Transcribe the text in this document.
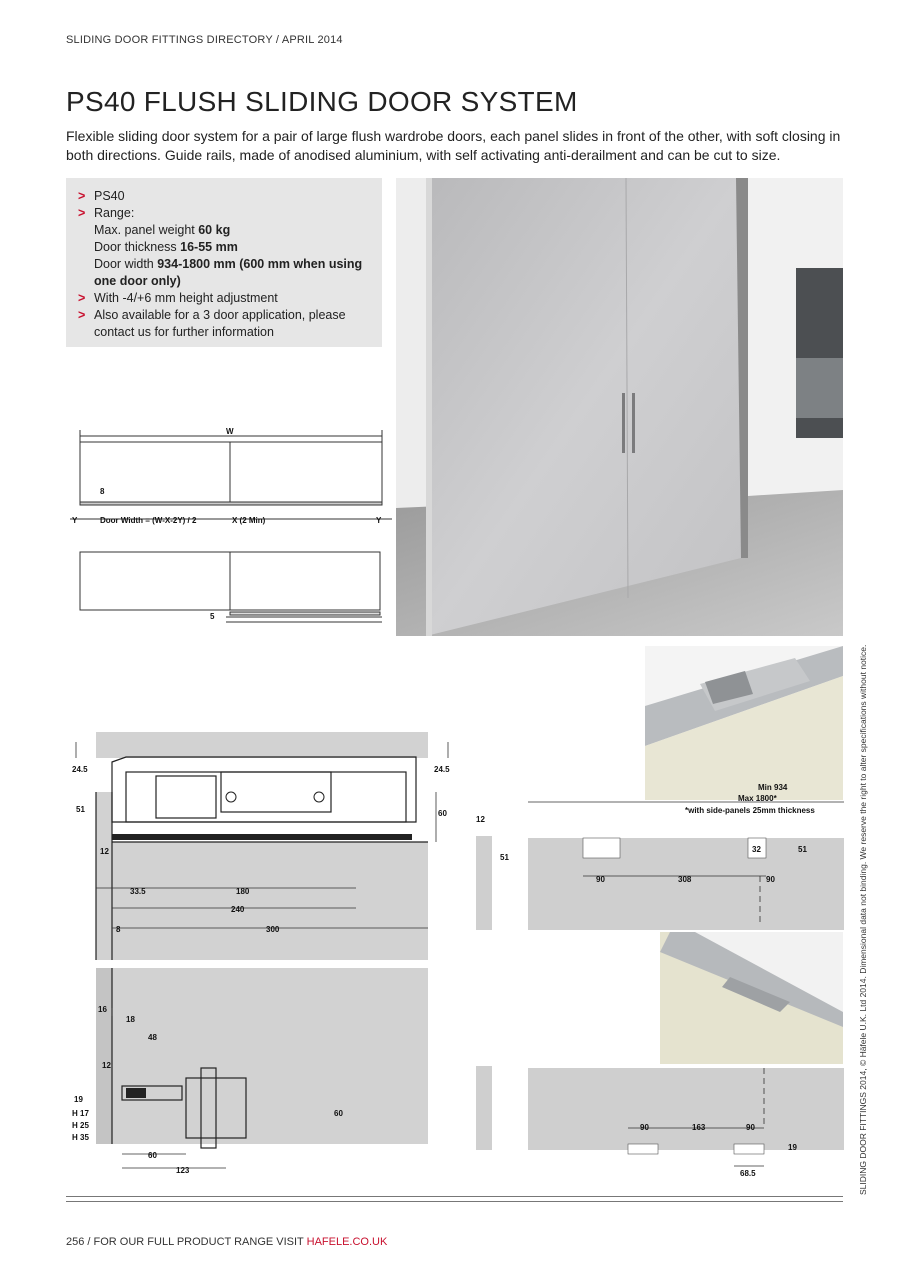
SLIDING DOOR FITTINGS DIRECTORY / APRIL 2014
PS40 FLUSH SLIDING DOOR SYSTEM
Flexible sliding door system for a pair of large flush wardrobe doors, each panel slides in front of the other, with soft closing in both directions. Guide rails, made of anodised aluminium, with self activating anti-derailment and can be cut to size.
> PS40
> Range:
Max. panel weight 60 kg
Door thickness 16-55 mm
Door width 934-1800 mm (600 mm when using one door only)
> With -4/+6 mm height adjustment
> Also available for a 3 door application, please contact us for further information
W
8
Y	Door Width = (W-X-2Y) / 2	X (2 Min)	Y
5
24.5	24.5
51	60
12
33.5	180
240
8	300
16
18
48
12
19
H 17
H 25
H 35
60
60
123
12
51
Min 934
Max 1800*
*with side-panels 25mm thickness
32	51
90	308	90
90	163	90
19
68.5	SLIDING DOOR FITTINGS 2014, © Häfele U.K. Ltd 2014. Dimensional data not binding. We reserve the right to alter specifications without notice.
256 / FOR OUR FULL PRODUCT RANGE VISIT HAFELE.CO.UK
